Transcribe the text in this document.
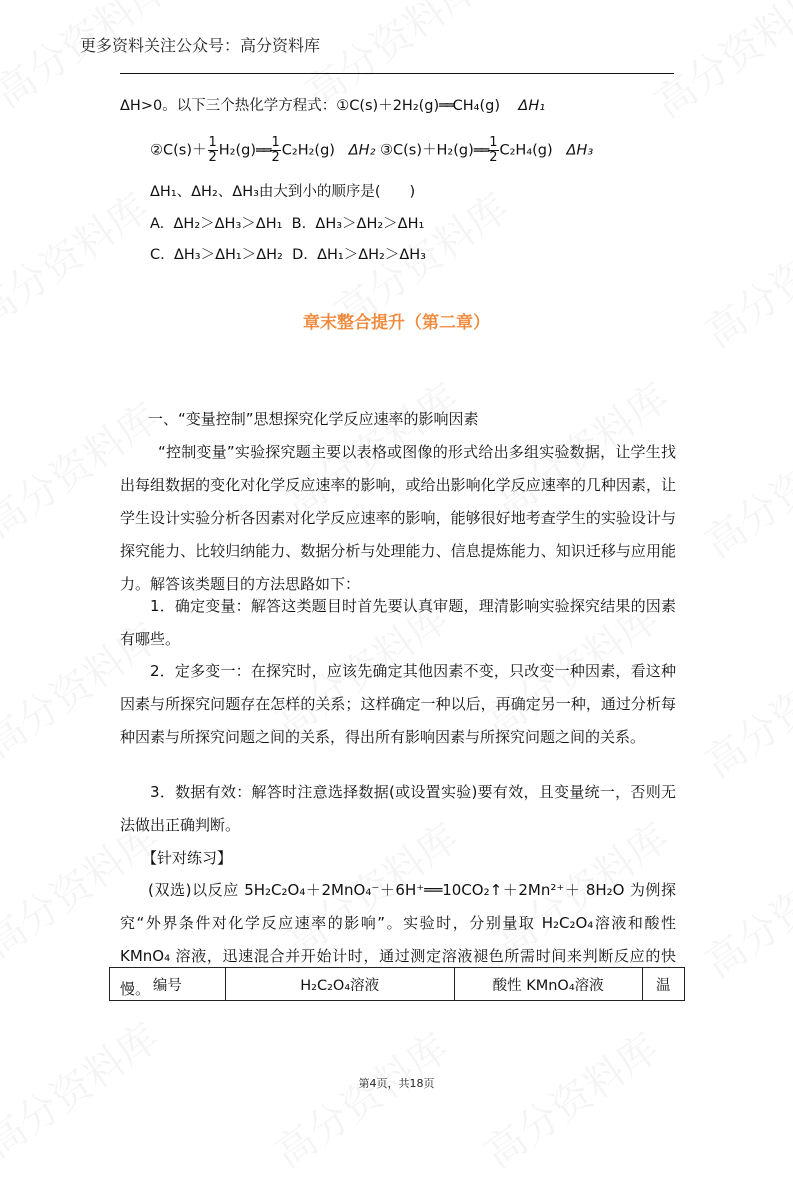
更多资料关注公众号：高分资料库
ΔH>0。以下三个热化学方程式：①C(s)＋2H₂(g)══CH₄(g) ΔH₁
②C(s)＋ $\frac{1}{2}$ H₂(g)══ $\frac{1}{2} C_2H_2(g)$ ΔH₂ ③C(s)＋H₂(g)══ $\frac{1}{2} C_2H_4(g)$ ΔH₃
ΔH₁、ΔH₂、ΔH₃由大到小的顺序是(　　)
A. ΔH₂＞ΔH₃＞ΔH₁ B. ΔH₃＞ΔH₂＞ΔH₁
C. ΔH₃＞ΔH₁＞ΔH₂ D. ΔH₁＞ΔH₂＞ΔH₃
章末整合提升（第二章）
一、“变量控制”思想探究化学反应速率的影响因素
“控制变量”实验探究题主要以表格或图像的形式给出多组实验数据，让学生找出每组数据的变化对化学反应速率的影响，或给出影响化学反应速率的几种因素，让学生设计实验分析各因素对化学反应速率的影响，能够很好地考查学生的实验设计与探究能力、比较归纳能力、数据分析与处理能力、信息提炼能力、知识迁移与应用能力。解答该类题目的方法思路如下：
1．确定变量：解答这类题目时首先要认真审题，理清影响实验探究结果的因素有哪些。
2．定多变一：在探究时，应该先确定其他因素不变，只改变一种因素，看这种因素与所探究问题存在怎样的关系；这样确定一种以后，再确定另一种，通过分析每种因素与所探究问题之间的关系，得出所有影响因素与所探究问题之间的关系。
3．数据有效：解答时注意选择数据(或设置实验)要有效，且变量统一，否则无法做出正确判断。
【针对练习】
(双选)以反应 5H₂C₂O₄＋2MnO₄⁻＋6H⁺══10CO₂↑＋2Mn²⁺＋ 8H₂O 为例探究“外界条件对化学反应速率的影响”。实验时，分别量取 H₂C₂O₄溶液和酸性 KMnO₄ 溶液，迅速混合并开始计时，通过测定溶液褪色所需时间来判断反应的快慢。 编号	H₂C₂O₄溶液	酸性 KMnO₄溶液	温
第4页，共18页
